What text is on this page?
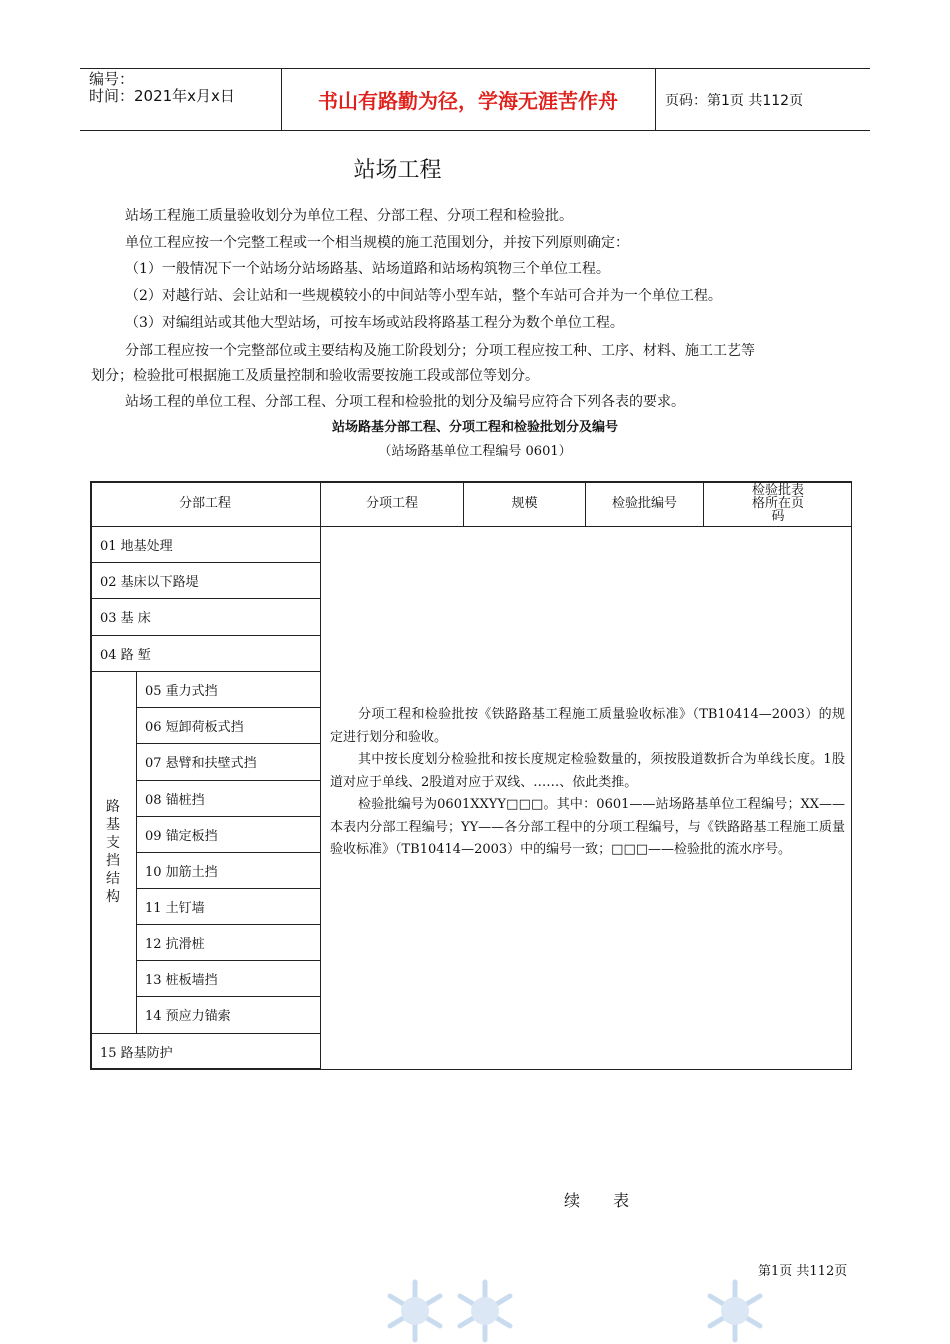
编号：
时间：2021年x月x日	书山有路勤为径，学海无涯苦作舟	页码：第1页 共112页
站场工程
站场工程施工质量验收划分为单位工程、分部工程、分项工程和检验批。
单位工程应按一个完整工程或一个相当规模的施工范围划分，并按下列原则确定：
（1）一般情况下一个站场分站场路基、站场道路和站场构筑物三个单位工程。
（2）对越行站、会让站和一些规模较小的中间站等小型车站，整个车站可合并为一个单位工程。
（3）对编组站或其他大型站场，可按车场或站段将路基工程分为数个单位工程。
分部工程应按一个完整部位或主要结构及施工阶段划分；分项工程应按工种、工序、材料、施工工艺等
划分；检验批可根据施工及质量控制和验收需要按施工段或部位等划分。
站场工程的单位工程、分部工程、分项工程和检验批的划分及编号应符合下列各表的要求。
站场路基分部工程、分项工程和检验批划分及编号
（站场路基单位工程编号 0601）
分部工程	分项工程	规模	检验批编号
检验批表格所在页码
01 地基处理
02 基床以下路堤
03 基 床
04 路 堑
路基支挡结构
05 重力式挡
06 短卸荷板式挡
07 悬臂和扶壁式挡
08 锚桩挡
09 锚定板挡
10 加筋土挡
11 土钉墙
12 抗滑桩
13 桩板墙挡
14 预应力锚索
15 路基防护

分项工程和检验批按《铁路路基工程施工质量验收标准》（TB10414—2003）的规定进行划分和验收。

其中按长度划分检验批和按长度规定检验数量的，须按股道数折合为单线长度。1股道对应于单线、2股道对应于双线、……、依此类推。

检验批编号为0601XXYY□□□。其中：0601——站场路基单位工程编号；XX——本表内分部工程编号；YY——各分部工程中的分项工程编号，与《铁路路基工程施工质量验收标准》（TB10414—2003）中的编号一致；□□□——检验批的流水序号。

续 表
第1页 共112页
